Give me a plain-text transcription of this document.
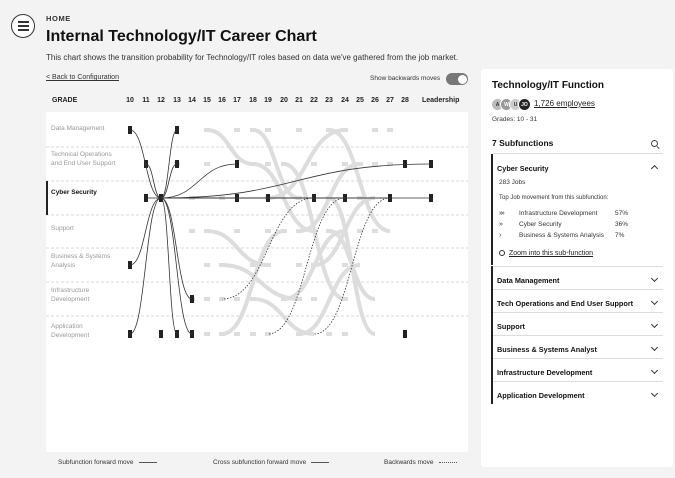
HOME
Internal Technology/IT Career Chart
This chart shows the transition probability for Technology/IT roles based on data we've gathered from the job market.
< Back to Configuration	Show backwards moves
GRADE	10 11 12 13 14 15 16 17 18 19 20 21 22 23 24 25 26 27 28 Leadership
Data Management
Technical Operations and End User Support
Cyber Security
Support
Business & Systems Analysis
Infrastructure Development
Application Development
Subfunction forward move	Cross subfunction forward move	Backwards move
Technology/IT Function
A W U JO 1,726 employees
Grades: 10 - 31
7 Subfunctions
Cyber Security
283 Jobs
Top Job movement from this subfunction:
»» Infrastructure Development	57%
»	Cyber Security	36%
›	Business & Systems Analysis 7%
Zoom into this sub-function
Data Management
Tech Operations and End User Support
Support
Business & Systems Analyst
Infrastructure Development
Application Development
